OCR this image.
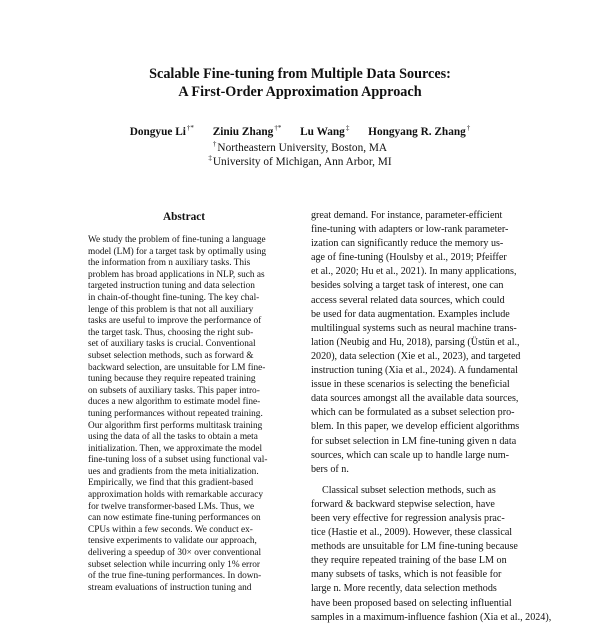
Scalable Fine-tuning from Multiple Data Sources:
A First-Order Approximation Approach
Dongyue Li†* Ziniu Zhang†* Lu Wang‡ Hongyang R. Zhang†
†Northeastern University, Boston, MA
‡University of Michigan, Ann Arbor, MI
Abstract
We study the problem of fine-tuning a language
model (LM) for a target task by optimally using
the information from n auxiliary tasks. This
problem has broad applications in NLP, such as
targeted instruction tuning and data selection
in chain-of-thought fine-tuning. The key chal-
lenge of this problem is that not all auxiliary
tasks are useful to improve the performance of
the target task. Thus, choosing the right sub-
set of auxiliary tasks is crucial. Conventional
subset selection methods, such as forward &
backward selection, are unsuitable for LM fine-
tuning because they require repeated training
on subsets of auxiliary tasks. This paper intro-
duces a new algorithm to estimate model fine-
tuning performances without repeated training.
Our algorithm first performs multitask training
using the data of all the tasks to obtain a meta
initialization. Then, we approximate the model
fine-tuning loss of a subset using functional val-
ues and gradients from the meta initialization.
Empirically, we find that this gradient-based
approximation holds with remarkable accuracy
for twelve transformer-based LMs. Thus, we
can now estimate fine-tuning performances on
CPUs within a few seconds. We conduct ex-
tensive experiments to validate our approach,
delivering a speedup of 30× over conventional
subset selection while incurring only 1% error
of the true fine-tuning performances. In down-
stream evaluations of instruction tuning and
great demand. For instance, parameter-efficient
fine-tuning with adapters or low-rank parameter-
ization can significantly reduce the memory us-
age of fine-tuning (Houlsby et al., 2019; Pfeiffer
et al., 2020; Hu et al., 2021). In many applications,
besides solving a target task of interest, one can
access several related data sources, which could
be used for data augmentation. Examples include
multilingual systems such as neural machine trans-
lation (Neubig and Hu, 2018), parsing (Üstün et al.,
2020), data selection (Xie et al., 2023), and targeted
instruction tuning (Xia et al., 2024). A fundamental
issue in these scenarios is selecting the beneficial
data sources amongst all the available data sources,
which can be formulated as a subset selection pro-
blem. In this paper, we develop efficient algorithms
for subset selection in LM fine-tuning given n data
sources, which can scale up to handle large num-
bers of n.
Classical subset selection methods, such as
forward & backward stepwise selection, have
been very effective for regression analysis prac-
tice (Hastie et al., 2009). However, these classical
methods are unsuitable for LM fine-tuning because
they require repeated training of the base LM on
many subsets of tasks, which is not feasible for
large n. More recently, data selection methods
have been proposed based on selecting influential
samples in a maximum-influence fashion (Xia et al., 2024),
